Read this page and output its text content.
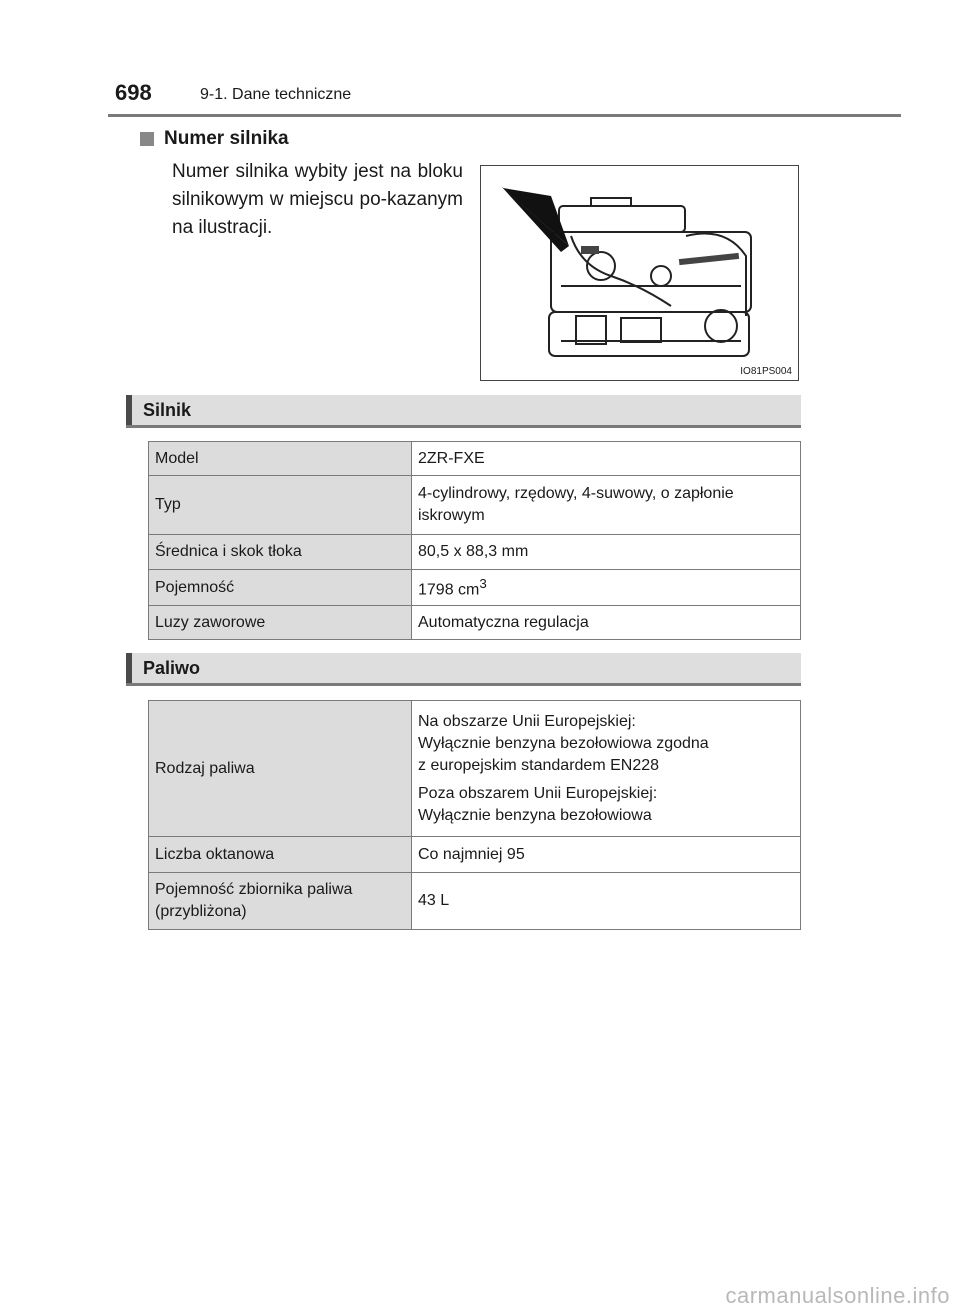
698	9-1. Dane techniczne
Numer silnika
Numer silnika wybity jest na bloku silnikowym w miejscu po-kazanym na ilustracji.
IO81PS004
Silnik
Model	2ZR-FXE
Typ	4-cylindrowy, rzędowy, 4-suwowy, o zapłonie
iskrowym

Średnica i skok tłoka	80,5 x 88,3 mm
Pojemność	1798 $cm^3$
Luzy zaworowe	Automatyczna regulacja
Paliwo
Rodzaj paliwa	Na obszarze Unii Europejskiej:
Wyłącznie benzyna bezołowiowa zgodna
z europejskim standardem EN228
Poza obszarem Unii Europejskiej:
Wyłącznie benzyna bezołowiowa

Liczba oktanowa	Co najmniej 95

Pojemność zbiornika paliwa
(przybliżona)	43 L
carmanualsonline.info
